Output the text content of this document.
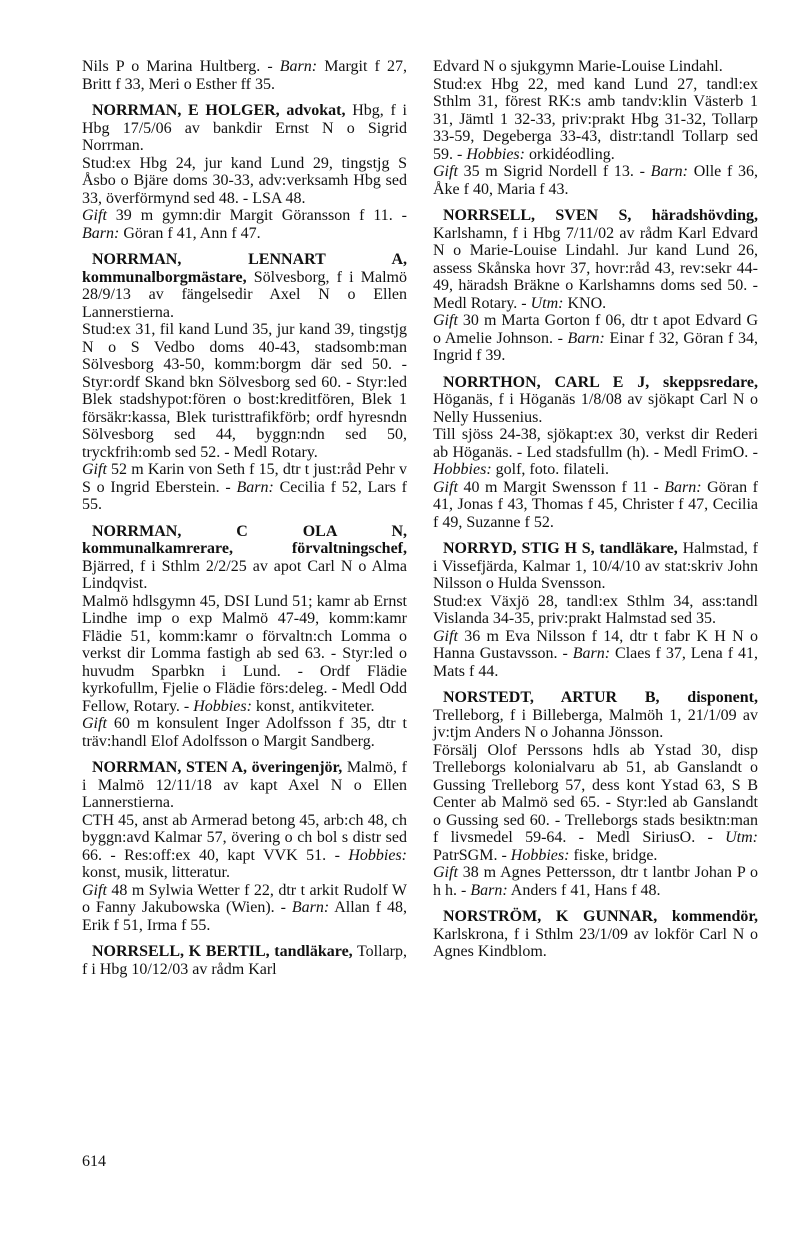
Nils P o Marina Hultberg. - Barn: Margit f 27, Britt f 33, Meri o Esther ff 35.
NORRMAN, E HOLGER, advokat, Hbg, f i Hbg 17/5/06 av bankdir Ernst N o Sigrid Norrman.
Stud:ex Hbg 24, jur kand Lund 29, tingstjg S Åsbo o Bjäre doms 30-33, adv:verksamh Hbg sed 33, överförmynd sed 48. - LSA 48.
Gift 39 m gymn:dir Margit Göransson f 11. - Barn: Göran f 41, Ann f 47.
NORRMAN, LENNART A, kommunalborgmästare, Sölvesborg, f i Malmö 28/9/13 av fängelsedir Axel N o Ellen Lannerstierna.
Stud:ex 31, fil kand Lund 35, jur kand 39, tingstjg N o S Vedbo doms 40-43, stadsomb:man Sölvesborg 43-50, komm:borgm där sed 50. - Styr:ordf Skand bkn Sölvesborg sed 60. - Styr:led Blek stadshypot:fören o bost:kreditfören, Blek 1 försäkr:kassa, Blek turisttrafikförb; ordf hyresndn Sölvesborg sed 44, byggn:ndn sed 50, tryckfrih:omb sed 52. - Medl Rotary.
Gift 52 m Karin von Seth f 15, dtr t just:råd Pehr v S o Ingrid Eberstein. - Barn: Cecilia f 52, Lars f 55.
NORRMAN, C OLA N, kommunalkamrerare, förvaltningschef, Bjärred, f i Sthlm 2/2/25 av apot Carl N o Alma Lindqvist.
Malmö hdlsgymn 45, DSI Lund 51; kamr ab Ernst Lindhe imp o exp Malmö 47-49, komm:kamr Flädie 51, komm:kamr o förvaltn:ch Lomma o verkst dir Lomma fastigh ab sed 63. - Styr:led o huvudm Sparbkn i Lund. - Ordf Flädie kyrkofullm, Fjelie o Flädie förs:deleg. - Medl Odd Fellow, Rotary. - Hobbies: konst, antikviteter.
Gift 60 m konsulent Inger Adolfsson f 35, dtr t träv:handl Elof Adolfsson o Margit Sandberg.
NORRMAN, STEN A, överingenjör, Malmö, f i Malmö 12/11/18 av kapt Axel N o Ellen Lannerstierna.
CTH 45, anst ab Armerad betong 45, arb:ch 48, ch byggn:avd Kalmar 57, övering o ch bol s distr sed 66. - Res:off:ex 40, kapt VVK 51. - Hobbies: konst, musik, litteratur.
Gift 48 m Sylwia Wetter f 22, dtr t arkit Rudolf W o Fanny Jakubowska (Wien). - Barn: Allan f 48, Erik f 51, Irma f 55.
NORRSELL, K BERTIL, tandläkare, Tollarp, f i Hbg 10/12/03 av rådm Karl
Edvard N o sjukgymn Marie-Louise Lindahl.
Stud:ex Hbg 22, med kand Lund 27, tandl:ex Sthlm 31, förest RK:s amb tandv:klin Västerb 1 31, Jämtl 1 32-33, priv:prakt Hbg 31-32, Tollarp 33-59, Degeberga 33-43, distr:tandl Tollarp sed 59. - Hobbies: orkidéodling.
Gift 35 m Sigrid Nordell f 13. - Barn: Olle f 36, Åke f 40, Maria f 43.
NORRSELL, SVEN S, häradshövding, Karlshamn, f i Hbg 7/11/02 av rådm Karl Edvard N o Marie-Louise Lindahl. Jur kand Lund 26, assess Skånska hovr 37, hovr:råd 43, rev:sekr 44-49, häradsh Bräkne o Karlshamns doms sed 50. - Medl Rotary. - Utm: KNO.
Gift 30 m Marta Gorton f 06, dtr t apot Edvard G o Amelie Johnson. - Barn: Einar f 32, Göran f 34, Ingrid f 39.
NORRTHON, CARL E J, skeppsredare, Höganäs, f i Höganäs 1/8/08 av sjökapt Carl N o Nelly Hussenius.
Till sjöss 24-38, sjökapt:ex 30, verkst dir Rederi ab Höganäs. - Led stadsfullm (h). - Medl FrimO. - Hobbies: golf, foto. filateli.
Gift 40 m Margit Swensson f 11 - Barn: Göran f 41, Jonas f 43, Thomas f 45, Christer f 47, Cecilia f 49, Suzanne f 52.
NORRYD, STIG H S, tandläkare, Halmstad, f i Vissefjärda, Kalmar 1, 10/4/10 av stat:skriv John Nilsson o Hulda Svensson.
Stud:ex Växjö 28, tandl:ex Sthlm 34, ass:tandl Vislanda 34-35, priv:prakt Halmstad sed 35.
Gift 36 m Eva Nilsson f 14, dtr t fabr K H N o Hanna Gustavsson. - Barn: Claes f 37, Lena f 41, Mats f 44.
NORSTEDT, ARTUR B, disponent, Trelleborg, f i Billeberga, Malmöh 1, 21/1/09 av jv:tjm Anders N o Johanna Jönsson.
Försälj Olof Perssons hdls ab Ystad 30, disp Trelleborgs kolonialvaru ab 51, ab Ganslandt o Gussing Trelleborg 57, dess kont Ystad 63, S B Center ab Malmö sed 65. - Styr:led ab Ganslandt o Gussing sed 60. - Trelleborgs stads besiktn:man f livsmedel 59-64. - Medl SiriusO. - Utm: PatrSGM. - Hobbies: fiske, bridge.
Gift 38 m Agnes Pettersson, dtr t lantbr Johan P o h h. - Barn: Anders f 41, Hans f 48.
NORSTRÖM, K GUNNAR, kommendör, Karlskrona, f i Sthlm 23/1/09 av lokför Carl N o Agnes Kindblom.
614
